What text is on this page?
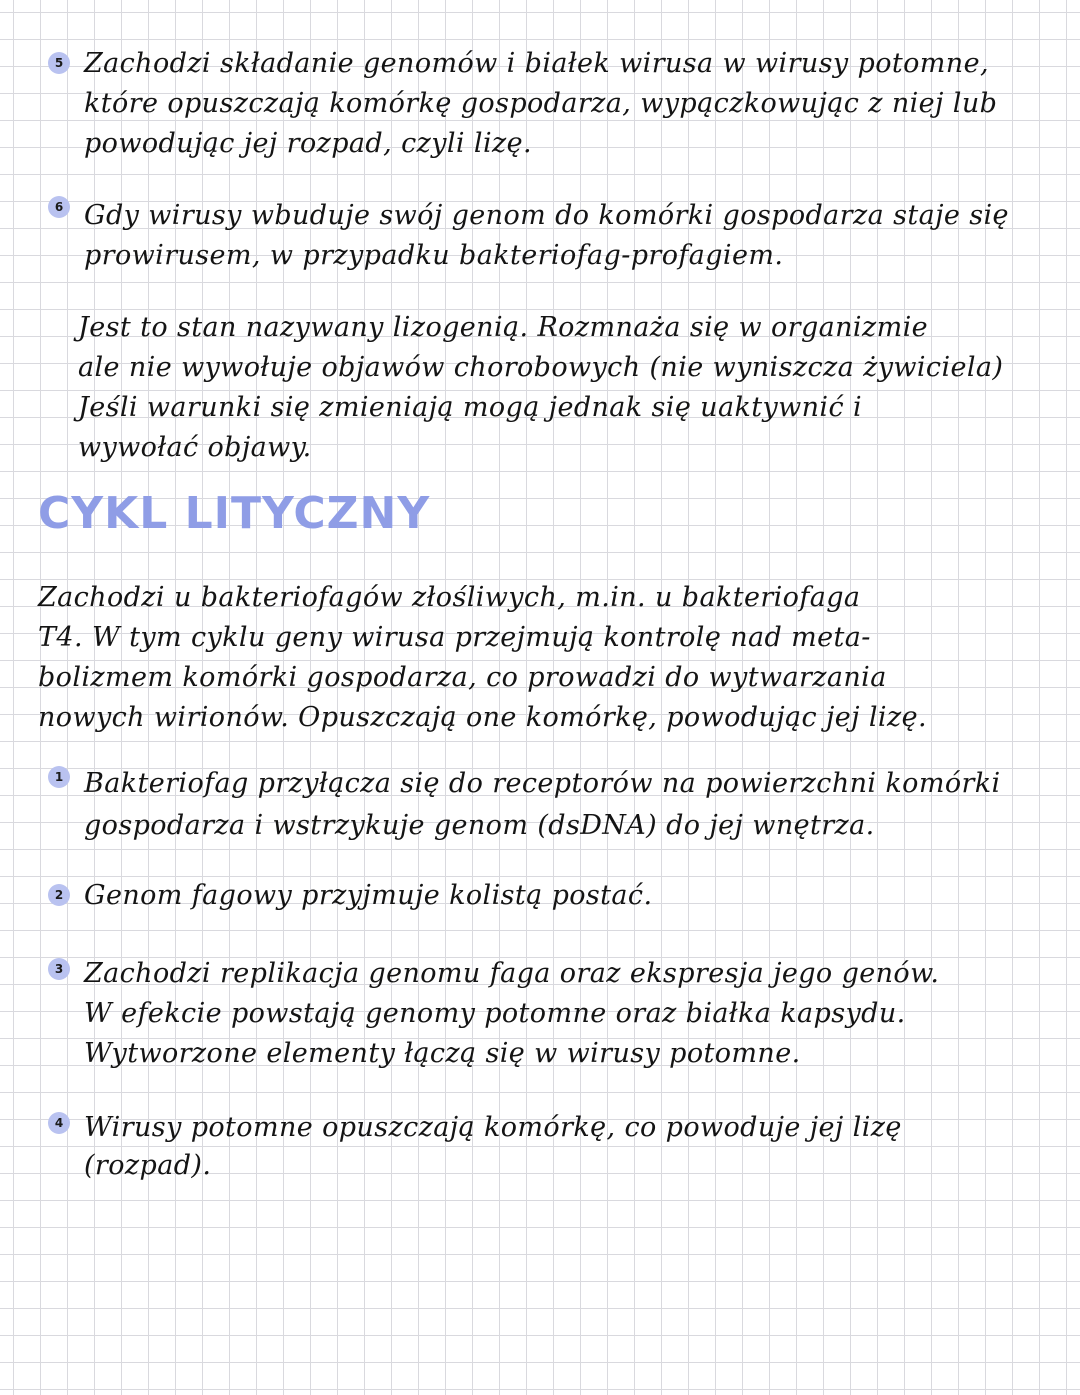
5 Zachodzi składanie genomów i białek wirusa w wirusy potomne,
które opuszczają komórkę gospodarza, wypączkowując z niej lub
powodując jej rozpad, czyli lizę.
6 Gdy wirusy wbuduje swój genom do komórki gospodarza staje się
prowirusem, w przypadku bakteriofag-profagiem.
Jest to stan nazywany lizogenią. Rozmnaża się w organizmie
ale nie wywołuje objawów chorobowych (nie wyniszcza żywiciela)
Jeśli warunki się zmieniają mogą jednak się uaktywnić i
wywołać objawy.
CYKL LITYCZNY
Zachodzi u bakteriofagów złośliwych, m.in. u bakteriofaga
T4. W tym cyklu geny wirusa przejmują kontrolę nad meta-
bolizmem komórki gospodarza, co prowadzi do wytwarzania
nowych wirionów. Opuszczają one komórkę, powodując jej lizę.
1 Bakteriofag przyłącza się do receptorów na powierzchni komórki
gospodarza i wstrzykuje genom (dsDNA) do jej wnętrza.
2 Genom fagowy przyjmuje kolistą postać.
3 Zachodzi replikacja genomu faga oraz ekspresja jego genów.
W efekcie powstają genomy potomne oraz białka kapsydu.
Wytworzone elementy łączą się w wirusy potomne.
4 Wirusy potomne opuszczają komórkę, co powoduje jej lizę
(rozpad).
